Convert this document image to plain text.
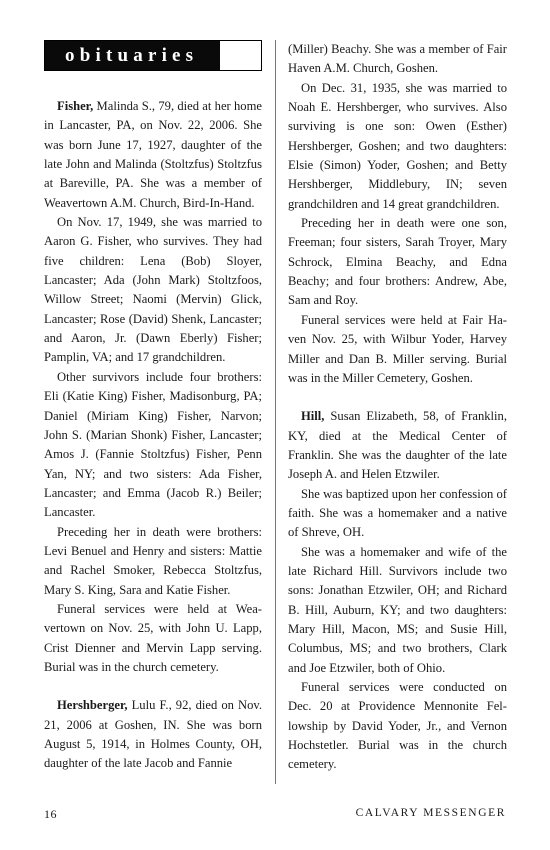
obituaries

Fisher, Malinda S., 79, died at her home in Lancaster, PA, on Nov. 22, 2006. She was born June 17, 1927, daughter of the late John and Malinda (Stoltzfus) Stoltzfus at Bareville, PA. She was a member of Weavertown A.M. Church, Bird-In-Hand.

On Nov. 17, 1949, she was married to Aaron G. Fisher, who survives. They had five children: Lena (Bob) Sloyer, Lancaster; Ada (John Mark) Stoltzfoos, Willow Street; Naomi (Mervin) Glick, Lancaster; Rose (David) Shenk, Lancaster; and Aaron, Jr. (Dawn Eberly) Fisher; Pamplin, VA; and 17 grandchildren.

Other survivors include four brothers: Eli (Katie King) Fisher, Madisonburg, PA; Daniel (Miriam King) Fisher, Narvon; John S. (Marian Shonk) Fisher, Lancaster; Amos J. (Fannie Stoltzfus) Fisher, Penn Yan, NY; and two sisters: Ada Fisher, Lancaster; and Emma (Jacob R.) Beiler; Lancaster.

Preceding her in death were brothers: Levi Benuel and Henry and sisters: Mattie and Rachel Smoker, Rebecca Stoltzfus, Mary S. King, Sara and Katie Fisher.

Funeral services were held at Weavertown on Nov. 25, with John U. Lapp, Crist Dienner and Mervin Lapp serving. Burial was in the church cemetery.

Hershberger, Lulu F., 92, died on Nov. 21, 2006 at Goshen, IN. She was born August 5, 1914, in Holmes County, OH, daughter of the late Jacob and Fannie

(Miller) Beachy. She was a member of Fair Haven A.M. Church, Goshen.

On Dec. 31, 1935, she was married to Noah E. Hershberger, who survives. Also surviving is one son: Owen (Esther) Hershberger, Goshen; and two daughters: Elsie (Simon) Yoder, Goshen; and Betty Hershberger, Middlebury, IN; seven grandchildren and 14 great grandchildren.

Preceding her in death were one son, Freeman; four sisters, Sarah Troyer, Mary Schrock, Elmina Beachy, and Edna Beachy; and four brothers: Andrew, Abe, Sam and Roy.

Funeral services were held at Fair Haven Nov. 25, with Wilbur Yoder, Harvey Miller and Dan B. Miller serving. Burial was in the Miller Cemetery, Goshen.

Hill, Susan Elizabeth, 58, of Franklin, KY, died at the Medical Center of Franklin. She was the daughter of the late Joseph A. and Helen Etzwiler.

She was baptized upon her confession of faith. She was a homemaker and a native of Shreve, OH.

She was a homemaker and wife of the late Richard Hill. Survivors include two sons: Jonathan Etzwiler, OH; and Richard B. Hill, Auburn, KY; and two daughters: Mary Hill, Macon, MS; and Susie Hill, Columbus, MS; and two brothers, Clark and Joe Etzwiler, both of Ohio.

Funeral services were conducted on Dec. 20 at Providence Mennonite Fellowship by David Yoder, Jr., and Vernon Hochstetler. Burial was in the church cemetery.

16	CALVARY MESSENGER
